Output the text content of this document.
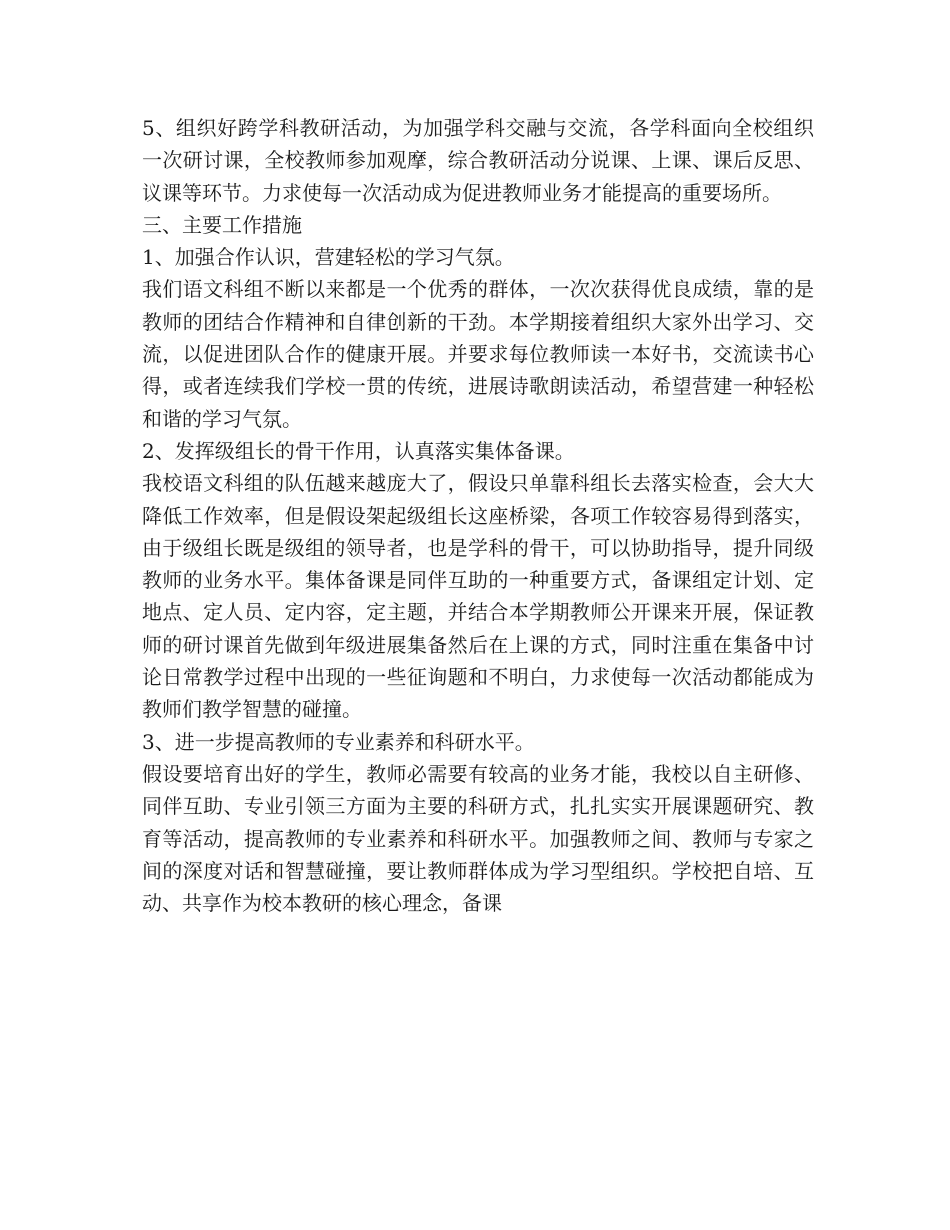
5、组织好跨学科教研活动，为加强学科交融与交流，各学科面向全校组织一次研讨课，全校教师参加观摩，综合教研活动分说课、上课、课后反思、议课等环节。力求使每一次活动成为促进教师业务才能提高的重要场所。

三、主要工作措施

1、加强合作认识，营建轻松的学习气氛。

我们语文科组不断以来都是一个优秀的群体，一次次获得优良成绩，靠的是教师的团结合作精神和自律创新的干劲。本学期接着组织大家外出学习、交流，以促进团队合作的健康开展。并要求每位教师读一本好书，交流读书心得，或者连续我们学校一贯的传统，进展诗歌朗读活动，希望营建一种轻松和谐的学习气氛。

2、发挥级组长的骨干作用，认真落实集体备课。

我校语文科组的队伍越来越庞大了，假设只单靠科组长去落实检查，会大大降低工作效率，但是假设架起级组长这座桥梁，各项工作较容易得到落实，由于级组长既是级组的领导者，也是学科的骨干，可以协助指导，提升同级教师的业务水平。集体备课是同伴互助的一种重要方式，备课组定计划、定地点、定人员、定内容，定主题，并结合本学期教师公开课来开展，保证教师的研讨课首先做到年级进展集备然后在上课的方式，同时注重在集备中讨论日常教学过程中出现的一些征询题和不明白，力求使每一次活动都能成为教师们教学智慧的碰撞。

3、进一步提高教师的专业素养和科研水平。

假设要培育出好的学生，教师必需要有较高的业务才能，我校以自主研修、同伴互助、专业引领三方面为主要的科研方式，扎扎实实开展课题研究、教育等活动，提高教师的专业素养和科研水平。加强教师之间、教师与专家之间的深度对话和智慧碰撞，要让教师群体成为学习型组织。学校把自培、互动、共享作为校本教研的核心理念，备课
